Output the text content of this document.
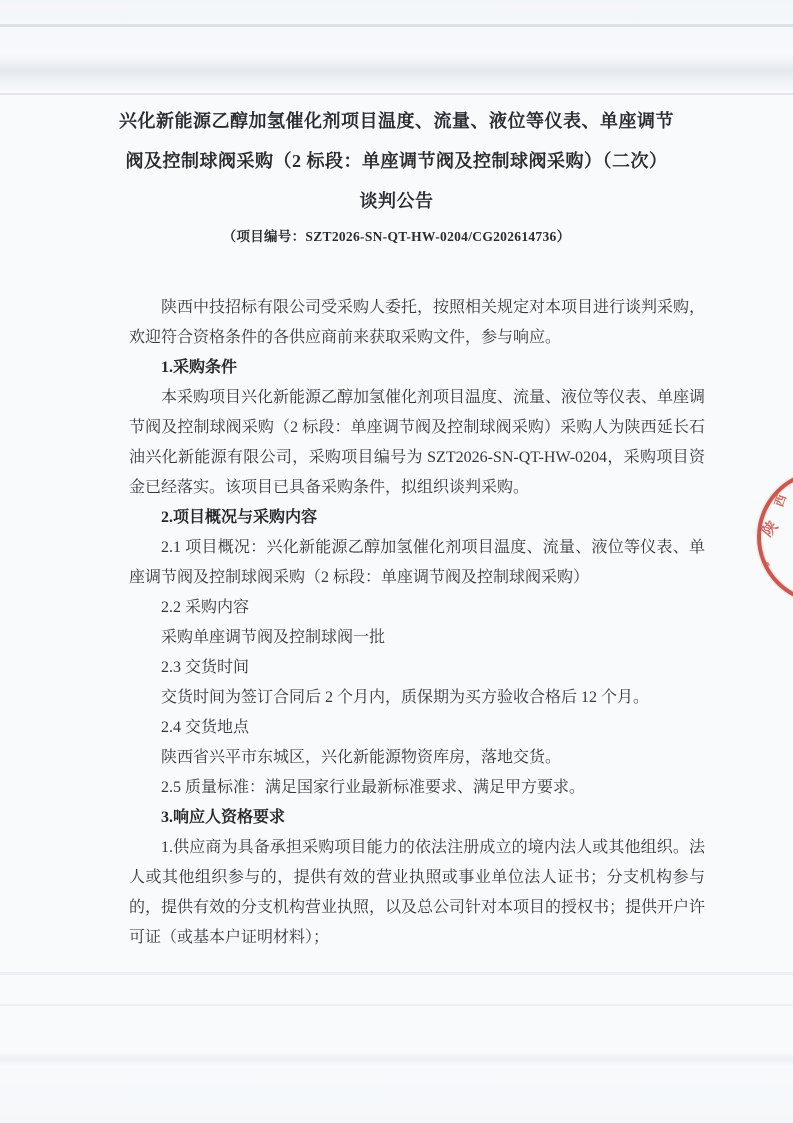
兴化新能源乙醇加氢催化剂项目温度、流量、液位等仪表、单座调节
阀及控制球阀采购（2 标段：单座调节阀及控制球阀采购）（二次）
谈判公告
（项目编号：SZT2026-SN-QT-HW-0204/CG202614736）

陕西中技招标有限公司受采购人委托，按照相关规定对本项目进行谈判采购，欢迎符合资格条件的各供应商前来获取采购文件，参与响应。

1.采购条件

本采购项目兴化新能源乙醇加氢催化剂项目温度、流量、液位等仪表、单座调节阀及控制球阀采购（2 标段：单座调节阀及控制球阀采购）采购人为陕西延长石油兴化新能源有限公司，采购项目编号为 SZT2026-SN-QT-HW-0204，采购项目资金已经落实。该项目已具备采购条件，拟组织谈判采购。

2.项目概况与采购内容

2.1 项目概况：兴化新能源乙醇加氢催化剂项目温度、流量、液位等仪表、单座调节阀及控制球阀采购（2 标段：单座调节阀及控制球阀采购）

2.2 采购内容

采购单座调节阀及控制球阀一批

2.3 交货时间

交货时间为签订合同后 2 个月内，质保期为买方验收合格后 12 个月。

2.4 交货地点

陕西省兴平市东城区，兴化新能源物资库房，落地交货。

2.5 质量标准：满足国家行业最新标准要求、满足甲方要求。

3.响应人资格要求

1.供应商为具备承担采购项目能力的依法注册成立的境内法人或其他组织。法人或其他组织参与的，提供有效的营业执照或事业单位法人证书；分支机构参与的，提供有效的分支机构营业执照，以及总公司针对本项目的授权书；提供开户许可证（或基本户证明材料）；

陕
西
